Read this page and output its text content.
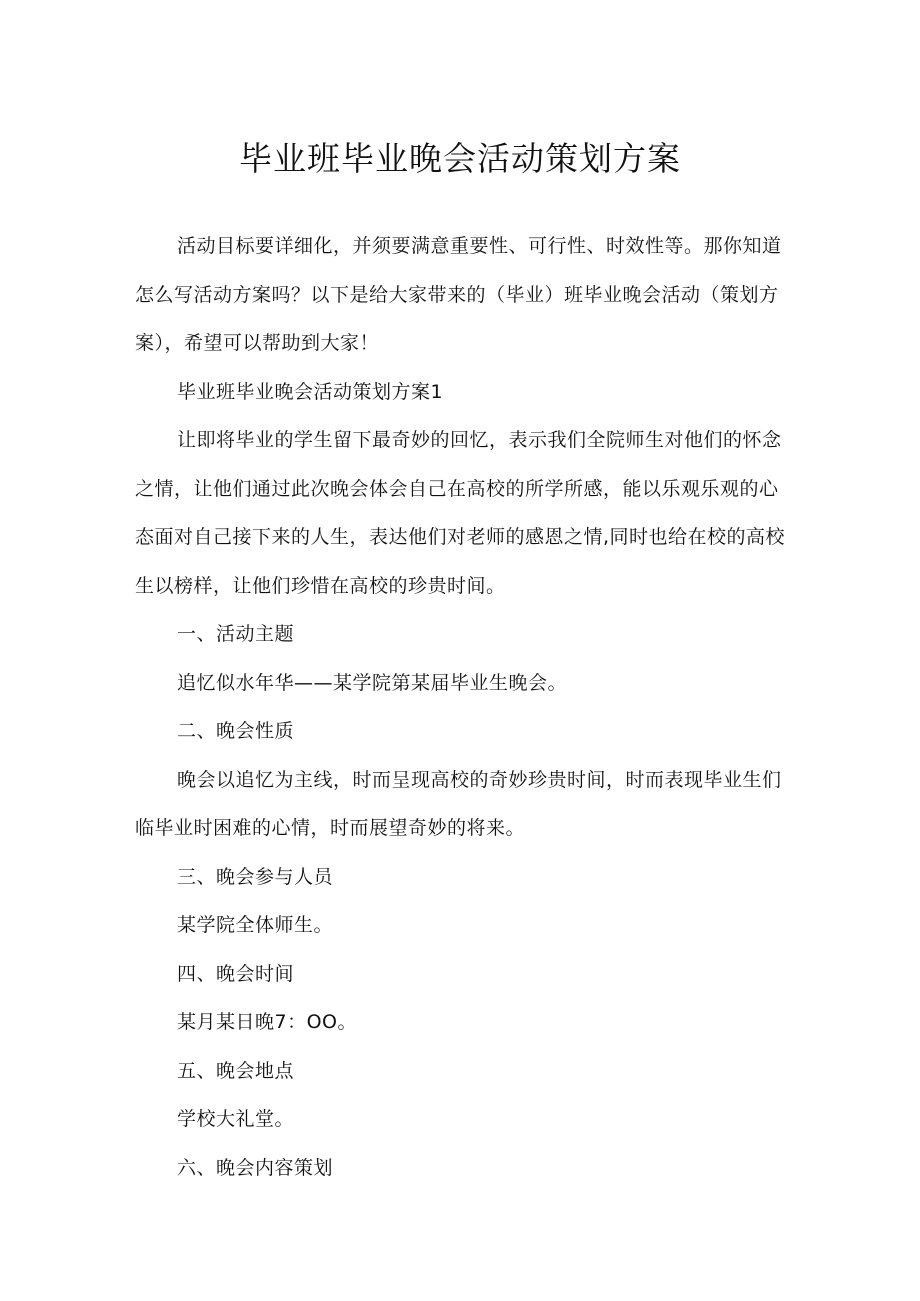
毕业班毕业晚会活动策划方案

活动目标要详细化，并须要满意重要性、可行性、时效性等。那你知道怎么写活动方案吗？以下是给大家带来的（毕业）班毕业晚会活动（策划方案），希望可以帮助到大家！

毕业班毕业晚会活动策划方案1

让即将毕业的学生留下最奇妙的回忆，表示我们全院师生对他们的怀念之情，让他们通过此次晚会体会自己在高校的所学所感，能以乐观乐观的心态面对自己接下来的人生，表达他们对老师的感恩之情,同时也给在校的高校生以榜样，让他们珍惜在高校的珍贵时间。

一、活动主题

追忆似水年华——某学院第某届毕业生晚会。

二、晚会性质

晚会以追忆为主线，时而呈现高校的奇妙珍贵时间，时而表现毕业生们临毕业时困难的心情，时而展望奇妙的将来。

三、晚会参与人员

某学院全体师生。

四、晚会时间

某月某日晚7：OO。

五、晚会地点

学校大礼堂。

六、晚会内容策划
